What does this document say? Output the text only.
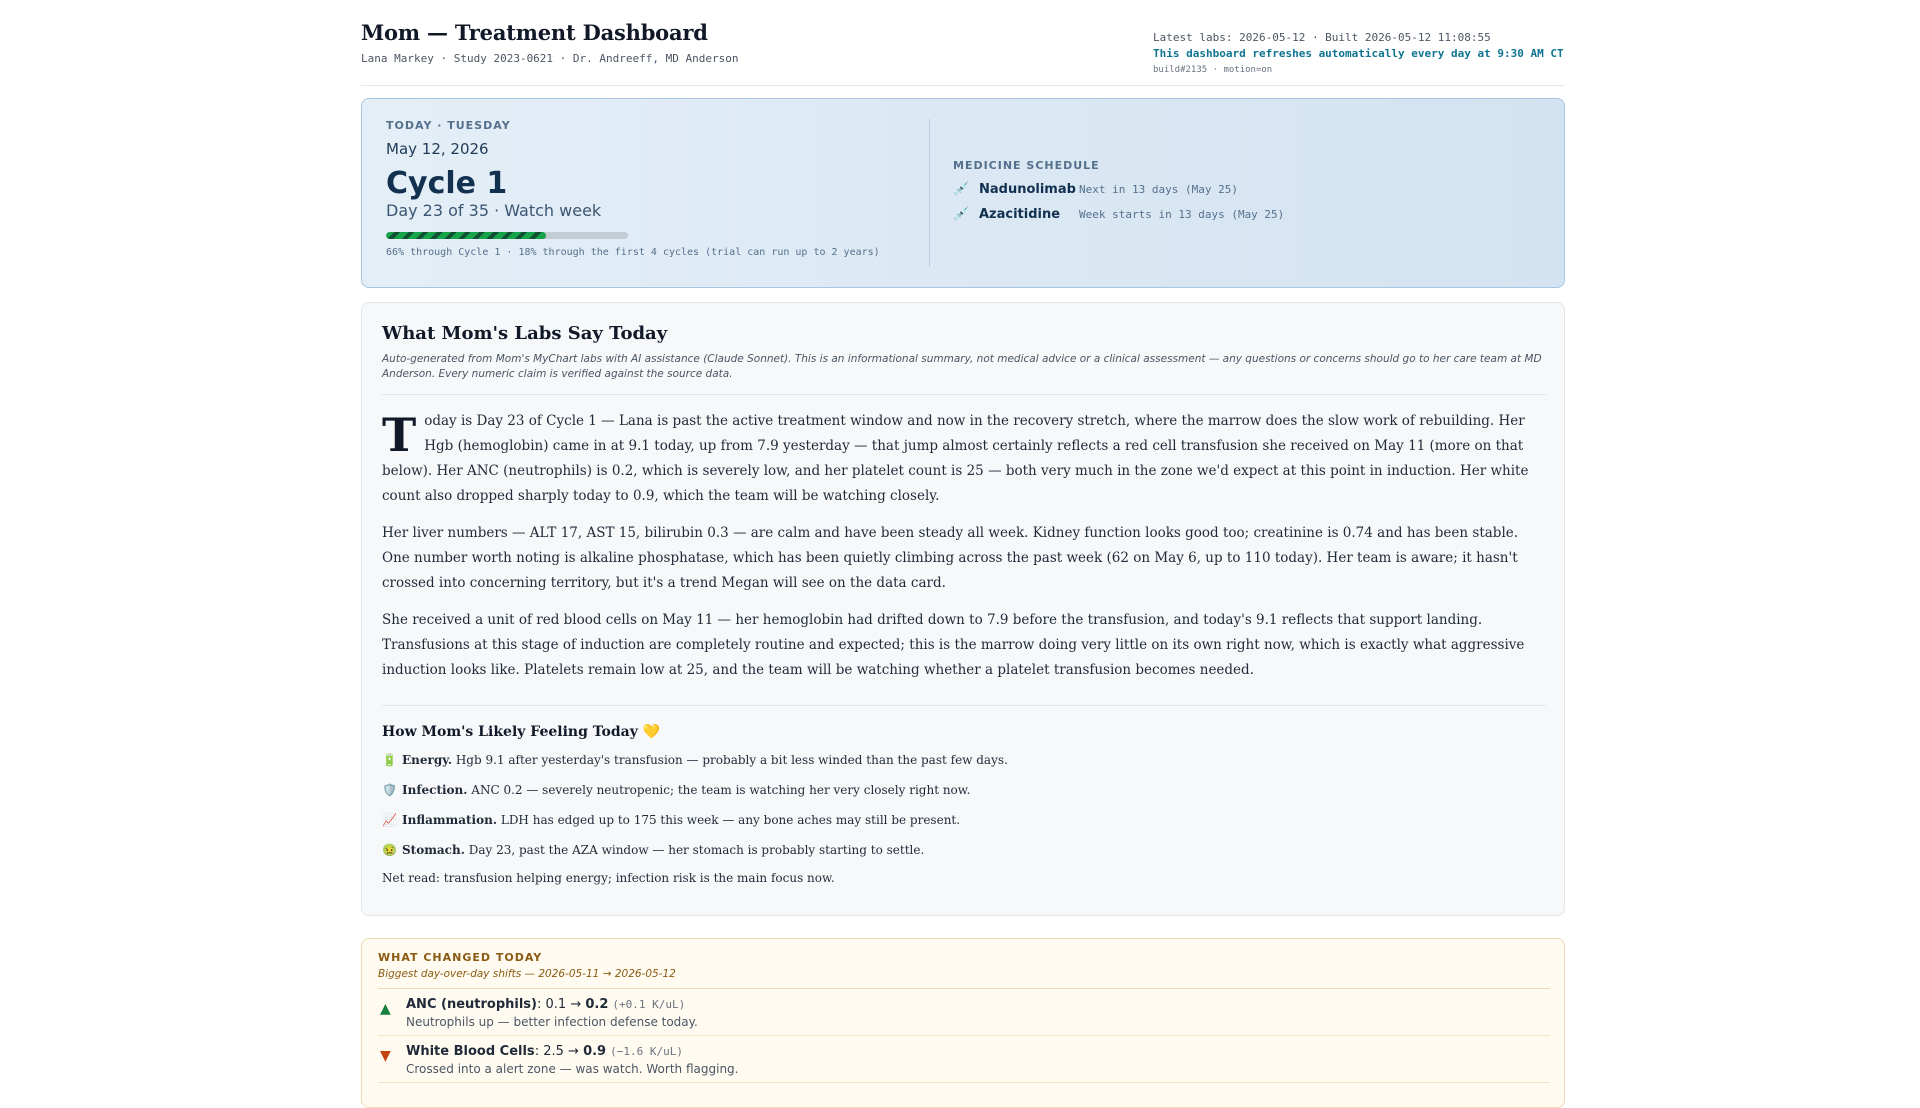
Mom — Treatment Dashboard
Lana Markey · Study 2023-0621 · Dr. Andreeff, MD Anderson
Latest labs: 2026-05-12 · Built 2026-05-12 11:08:55
This dashboard refreshes automatically every day at 9:30 AM CT
build#2135 · motion=on
TODAY · TUESDAY
May 12, 2026
Cycle 1
Day 23 of 35 · Watch week
66% through Cycle 1 · 18% through the first 4 cycles (trial can run up to 2 years)
MEDICINE SCHEDULE
💉 Nadunolimab Next in 13 days (May 25)
💉 Azacitidine	Week starts in 13 days (May 25)
What Mom's Labs Say Today
Auto-generated from Mom's MyChart labs with AI assistance (Claude Sonnet). This is an informational summary, not medical advice or a clinical assessment — any questions or concerns should go to her care team at MD Anderson. Every numeric claim is verified against the source data.

Today is Day 23 of Cycle 1 — Lana is past the active treatment window and now in the recovery stretch, where the marrow does the slow work of rebuilding. Her Hgb (hemoglobin) came in at 9.1 today, up from 7.9 yesterday — that jump almost certainly reflects a red cell transfusion she received on May 11 (more on that below). Her ANC (neutrophils) is 0.2, which is severely low, and her platelet count is 25 — both very much in the zone we'd expect at this point in induction. Her white count also dropped sharply today to 0.9, which the team will be watching closely.

Her liver numbers — ALT 17, AST 15, bilirubin 0.3 — are calm and have been steady all week. Kidney function looks good too; creatinine is 0.74 and has been stable. One number worth noting is alkaline phosphatase, which has been quietly climbing across the past week (62 on May 6, up to 110 today). Her team is aware; it hasn't crossed into concerning territory, but it's a trend Megan will see on the data card.

She received a unit of red blood cells on May 11 — her hemoglobin had drifted down to 7.9 before the transfusion, and today's 9.1 reflects that support landing. Transfusions at this stage of induction are completely routine and expected; this is the marrow doing very little on its own right now, which is exactly what aggressive induction looks like. Platelets remain low at 25, and the team will be watching whether a platelet transfusion becomes needed.

How Mom's Likely Feeling Today 💛
🔋 Energy. Hgb 9.1 after yesterday's transfusion — probably a bit less winded than the past few days.
🛡️ Infection. ANC 0.2 — severely neutropenic; the team is watching her very closely right now.
📈 Inflammation. LDH has edged up to 175 this week — any bone aches may still be present.
🤢 Stomach. Day 23, past the AZA window — her stomach is probably starting to settle.
Net read: transfusion helping energy; infection risk is the main focus now.
WHAT CHANGED TODAY
Biggest day-over-day shifts — 2026-05-11 → 2026-05-12
▲ ANC (neutrophils): 0.1 → 0.2 (+0.1 K/uL)
Neutrophils up — better infection defense today.
▼ White Blood Cells: 2.5 → 0.9 (−1.6 K/uL)
Crossed into a alert zone — was watch. Worth flagging.
